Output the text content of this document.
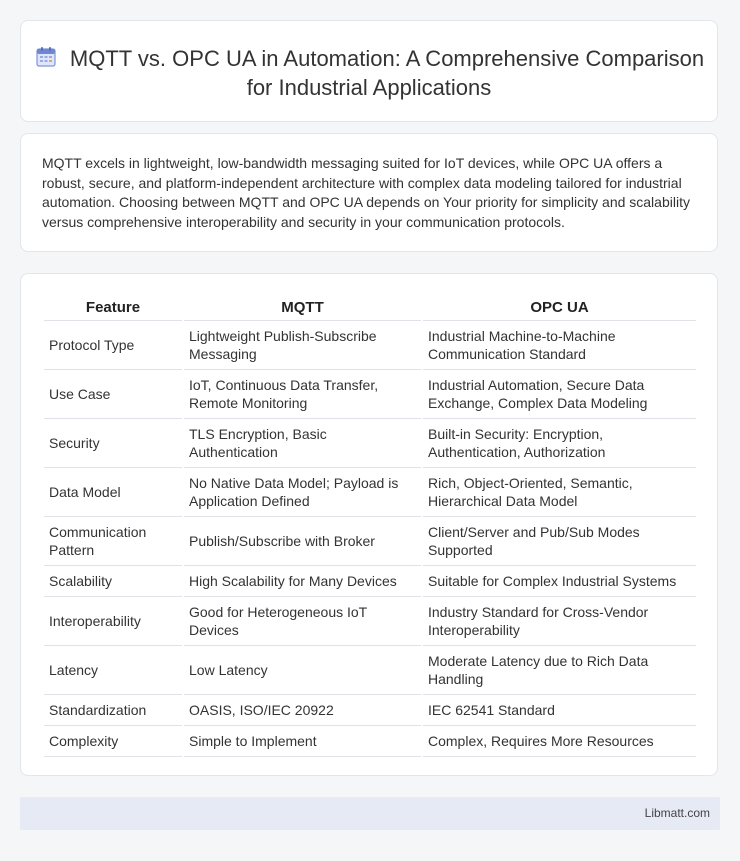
MQTT vs. OPC UA in Automation: A Comprehensive Comparison for Industrial Applications

MQTT excels in lightweight, low-bandwidth messaging suited for IoT devices, while OPC UA offers a robust, secure, and platform-independent architecture with complex data modeling tailored for industrial automation. Choosing between MQTT and OPC UA depends on Your priority for simplicity and scalability versus comprehensive interoperability and security in your communication protocols.

Feature	MQTT	OPC UA
Protocol Type	Lightweight Publish-Subscribe Messaging	Industrial Machine-to-Machine Communication Standard
Use Case	IoT, Continuous Data Transfer, Remote Monitoring	Industrial Automation, Secure Data Exchange, Complex Data Modeling
Security	TLS Encryption, Basic Authentication	Built-in Security: Encryption, Authentication, Authorization
Data Model	No Native Data Model; Payload is Application Defined	Rich, Object-Oriented, Semantic, Hierarchical Data Model
Communication Pattern	Publish/Subscribe with Broker	Client/Server and Pub/Sub Modes Supported
Scalability	High Scalability for Many Devices	Suitable for Complex Industrial Systems
Interoperability	Good for Heterogeneous IoT Devices	Industry Standard for Cross-Vendor Interoperability
Latency	Low Latency	Moderate Latency due to Rich Data Handling
Standardization	OASIS, ISO/IEC 20922	IEC 62541 Standard
Complexity	Simple to Implement	Complex, Requires More Resources
Libmatt.com
